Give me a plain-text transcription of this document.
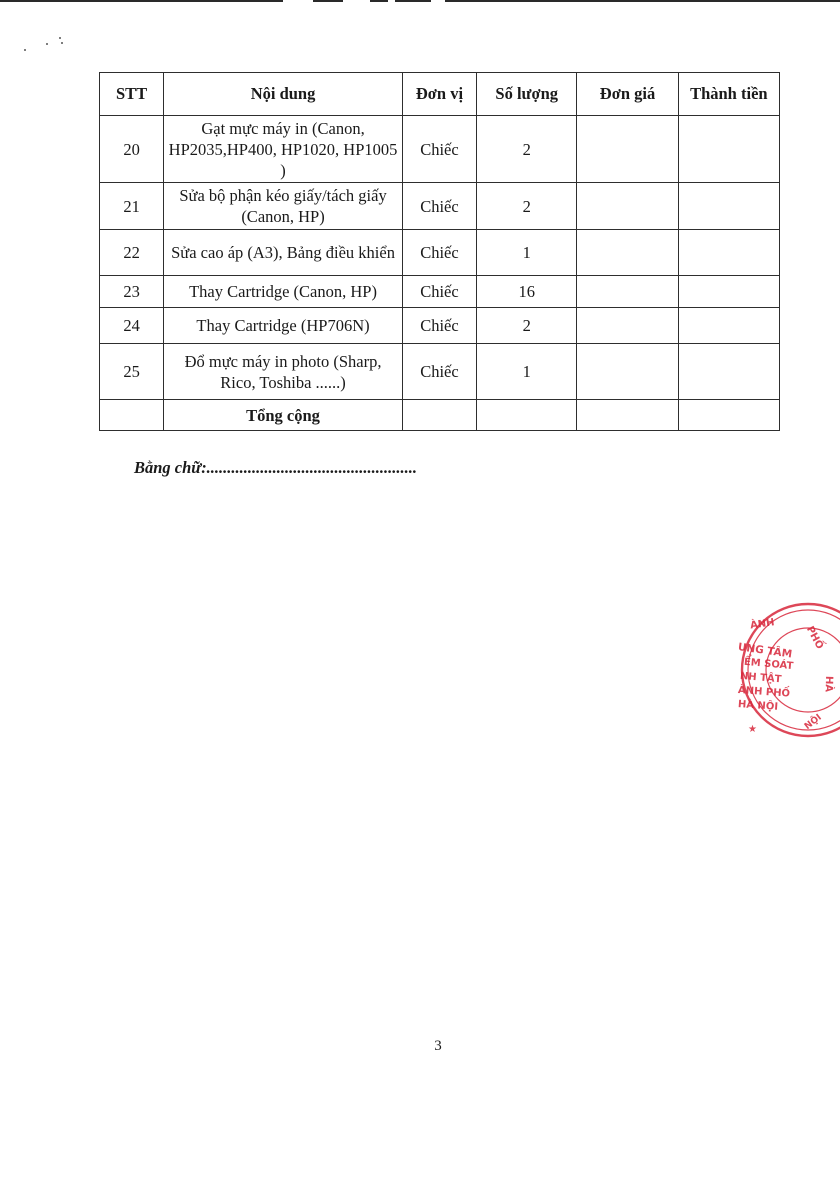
STT	Nội dung	Đơn vị	Số lượng	Đơn giá	Thành tiền
20	Gạt mực máy in (Canon, HP2035,HP400, HP1020, HP1005 )	Chiếc	2		
21	Sửa bộ phận kéo giấy/tách giấy (Canon, HP)	Chiếc	2		
22	Sửa cao áp (A3), Bảng điều khiển	Chiếc	1		
23	Thay Cartridge (Canon, HP)	Chiếc	16		
24	Thay Cartridge (HP706N)	Chiếc	2		
25	Đổ mực máy in photo (Sharp, Rico, Toshiba ......)	Chiếc	1		
	Tổng cộng				
Bằng chữ:...................................................
ÀNH
PHỐ
HÀ
NỘI
★
UNG TÂM
ỂM SOÁT
NH TẬT
ÀNH PHỐ
HÀ NỘI
3
